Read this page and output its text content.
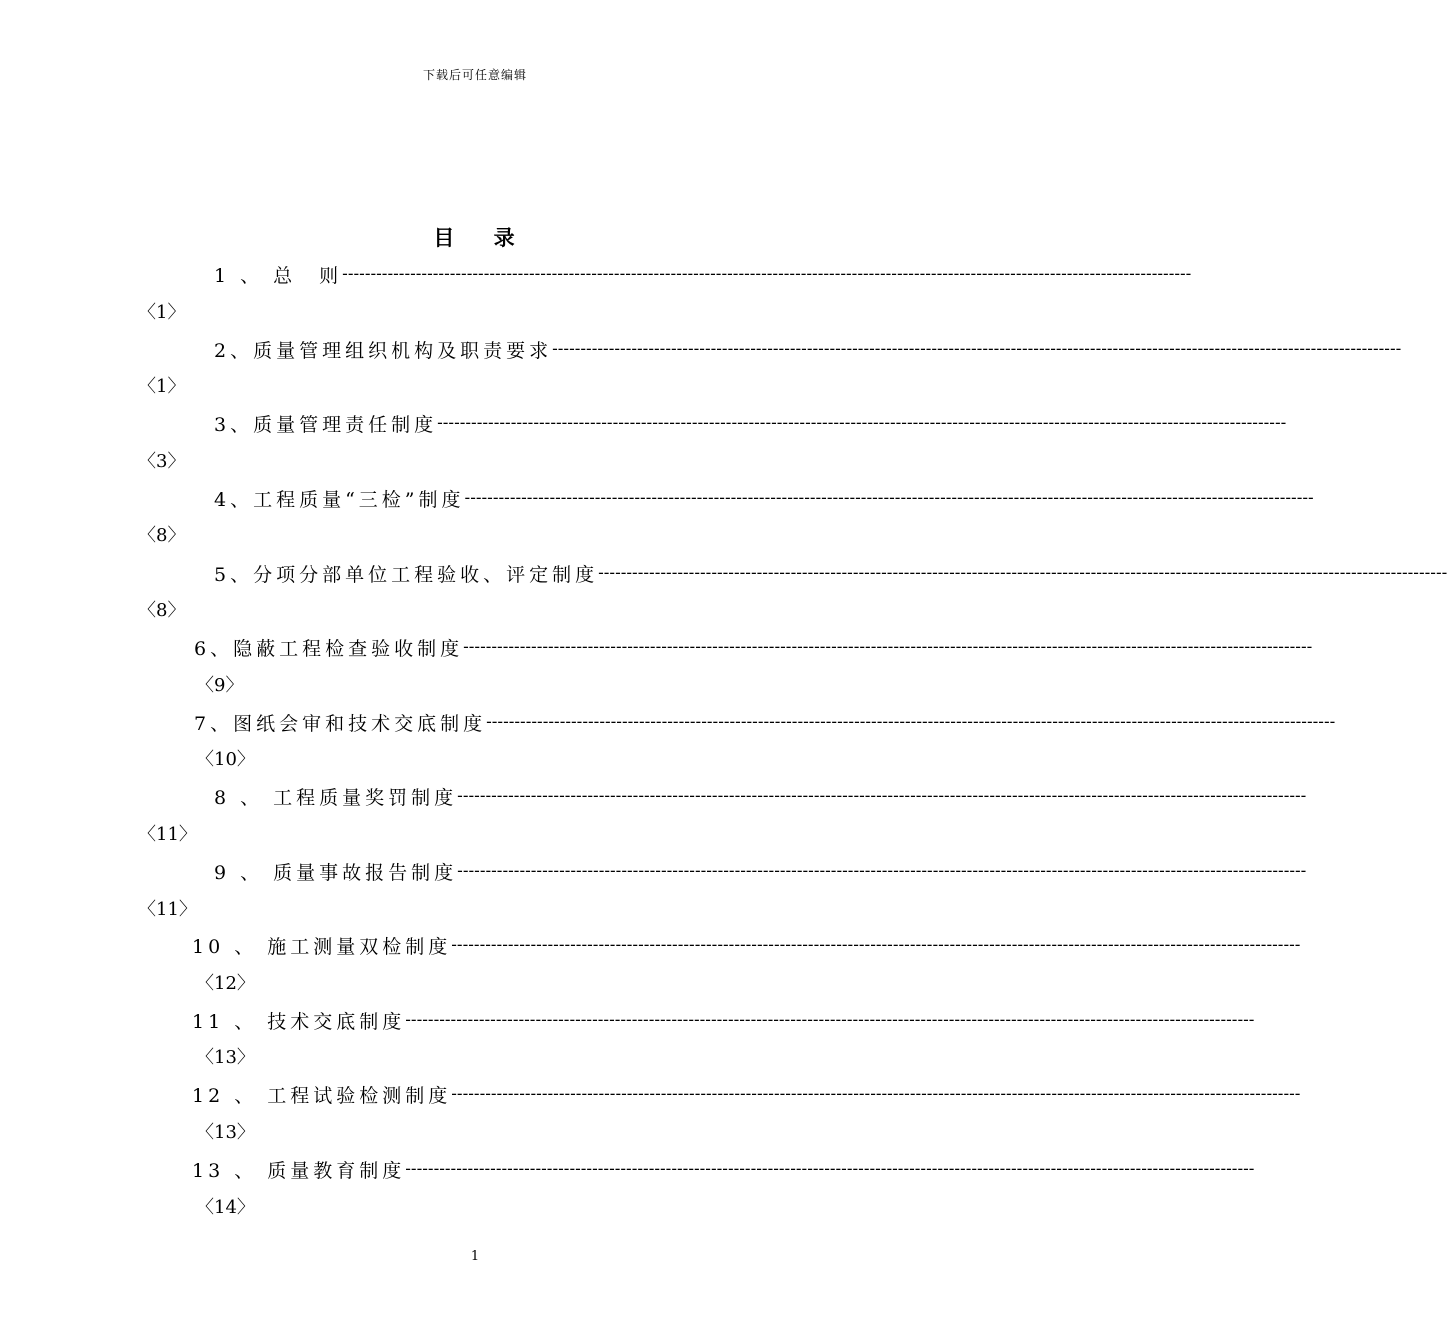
下载后可任意编辑
目 录
1 、 总　则 ------------------------------------------------------------------------------------------------------------------------------------------------------
〈1〉
2、质量管理组织机构及职责要求 ------------------------------------------------------------------------------------------------------------------------------------------------------
〈1〉
3、质量管理责任制度 ------------------------------------------------------------------------------------------------------------------------------------------------------
〈3〉
4、工程质量“三检”制度 ------------------------------------------------------------------------------------------------------------------------------------------------------
〈8〉
5、分项分部单位工程验收、评定制度 ------------------------------------------------------------------------------------------------------------------------------------------------------
〈8〉
6、隐蔽工程检查验收制度 ------------------------------------------------------------------------------------------------------------------------------------------------------
〈9〉
7、图纸会审和技术交底制度 ------------------------------------------------------------------------------------------------------------------------------------------------------
〈10〉
8 、 工程质量奖罚制度 ------------------------------------------------------------------------------------------------------------------------------------------------------
〈11〉
9 、 质量事故报告制度 ------------------------------------------------------------------------------------------------------------------------------------------------------
〈11〉
10 、 施工测量双检制度 ------------------------------------------------------------------------------------------------------------------------------------------------------
〈12〉
11 、 技术交底制度 ------------------------------------------------------------------------------------------------------------------------------------------------------
〈13〉
12 、 工程试验检测制度 ------------------------------------------------------------------------------------------------------------------------------------------------------
〈13〉
13 、 质量教育制度 ------------------------------------------------------------------------------------------------------------------------------------------------------
〈14〉
1
